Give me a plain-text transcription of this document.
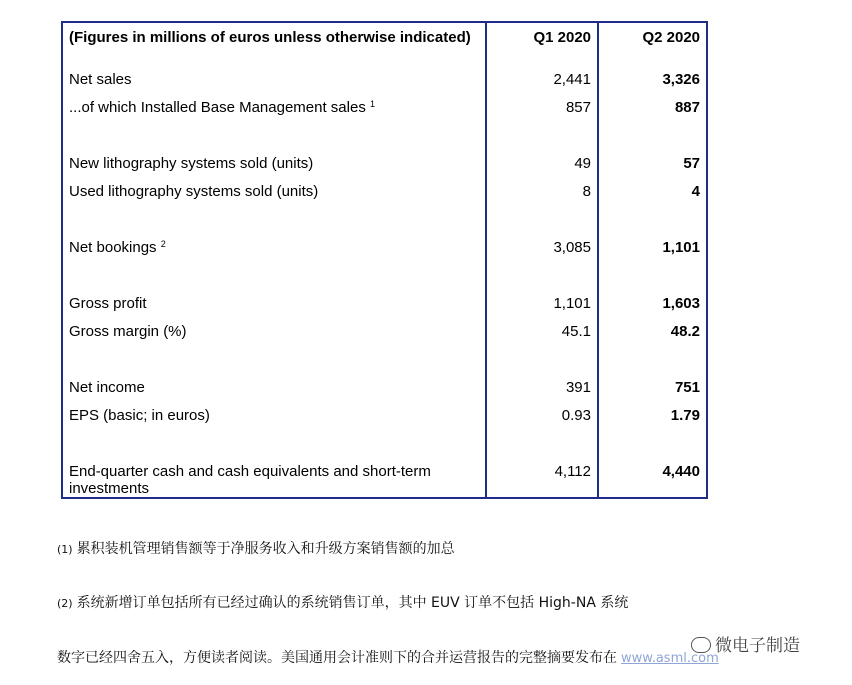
(Figures in millions of euros unless otherwise indicated)	Q1 2020	Q2 2020
Net sales	2,441	3,326
...of which Installed Base Management sales $^1$	857	887
New lithography systems sold (units)	49	57
Used lithography systems sold (units)	8	4
Net bookings $^2$	3,085	1,101
Gross profit	1,101	1,603
Gross margin (%)	45.1	48.2
Net income	391	751
EPS (basic; in euros)	0.93	1.79
End-quarter cash and cash equivalents and short-term investments	4,112	4,440
(1) 累积装机管理销售额等于净服务收入和升级方案销售额的加总
(2) 系统新增订单包括所有已经过确认的系统销售订单，其中 EUV 订单不包括 High-NA 系统
数字已经四舍五入，方便读者阅读。美国通用会计准则下的合并运营报告的完整摘要发布在 www.asml.com
微电子制造
